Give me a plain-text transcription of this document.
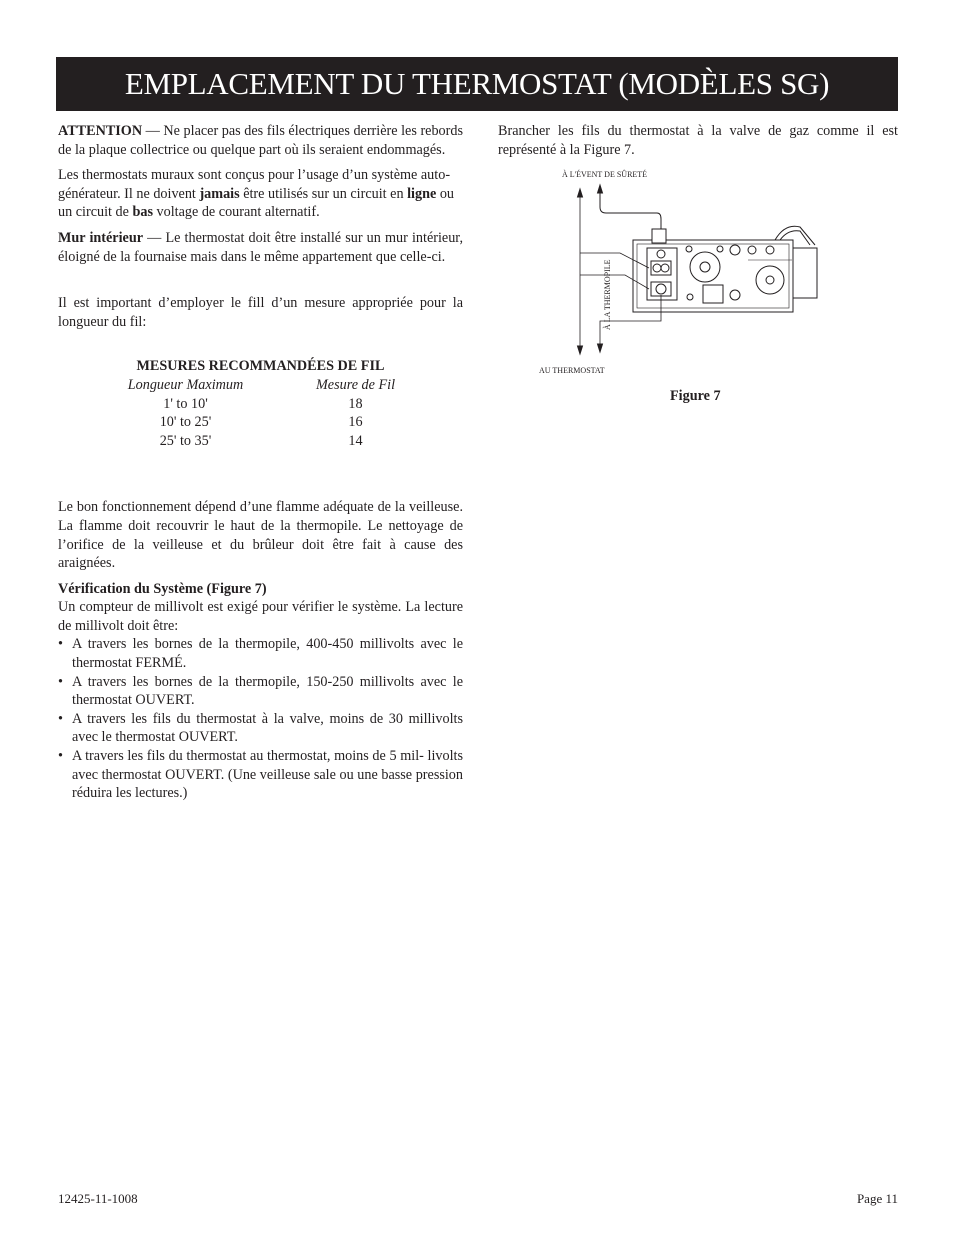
EMPLACEMENT DU THERMOSTAT (MODÈLES SG)

ATTENTION — Ne placer pas des fils électriques derrière les rebords de la plaque collectrice ou quelque part où ils seraient endommagés.

Les thermostats muraux sont conçus pour l’usage d’un système auto-générateur. Il ne doivent jamais être utilisés sur un circuit en ligne ou un circuit de bas voltage de courant alternatif.

Mur intérieur — Le thermostat doit être installé sur un mur intérieur, éloigné de la fournaise mais dans le même appartement que celle-ci.

Il est important d’employer le fill d’un mesure appropriée pour la longueur du fil:

MESURES RECOMMANDÉES DE FIL
Longueur Maximum	Mesure de Fil
1' to 10'	18
10' to 25'	16
25' to 35'	14

Le bon fonctionnement dépend d’une flamme adéquate de la veilleuse. La flamme doit recouvrir le haut de la thermopile. Le nettoyage de l’orifice de la veilleuse et du brûleur doit être fait à cause des araignées.

Vérification du Système (Figure 7)

Un compteur de millivolt est exigé pour vérifier le système. La lecture de millivolt doit être:

• A travers les bornes de la thermopile, 400-450 millivolts avec le thermostat FERMÉ.
• A travers les bornes de la thermopile, 150-250 millivolts avec le thermostat OUVERT.
• A travers les fils du thermostat à la valve, moins de 30 millivolts avec le thermostat OUVERT.
• A travers les fils du thermostat au thermostat, moins de 5 mil- livolts avec thermostat OUVERT. (Une veilleuse sale ou une basse pression réduira les lectures.)

Brancher les fils du thermostat à la valve de gaz comme il est représenté à la Figure 7.

À L'ÉVENT DE SÛRETÉ
AU THERMOSTAT
À LA THERMOPILE
Figure 7
12425-11-1008	Page 11
